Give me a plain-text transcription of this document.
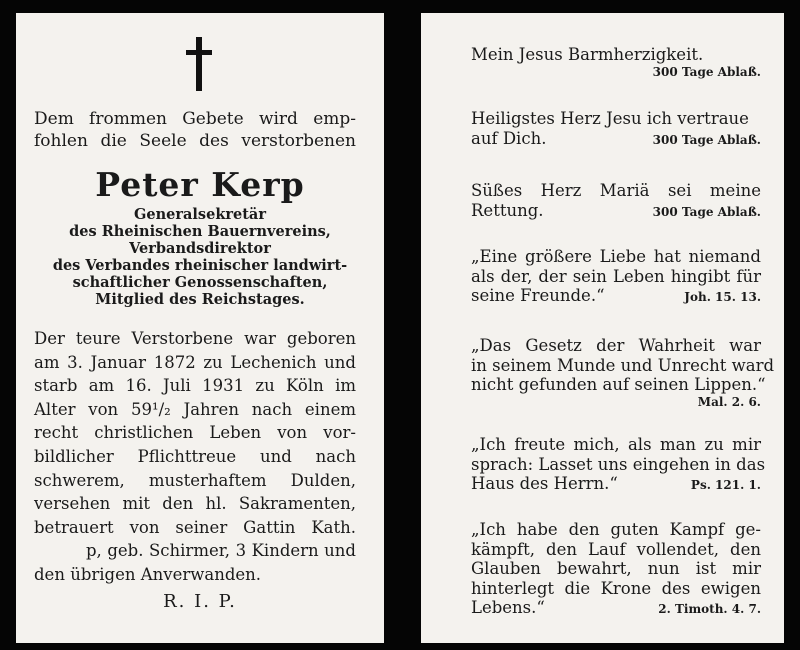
Dem frommen Gebete wird emp-
fohlen die Seele des verstorbenen
Peter Kerp
Generalsekretär
des Rheinischen Bauernvereins,
Verbandsdirektor
des Verbandes rheinischer landwirt-
schaftlicher Genossenschaften,
Mitglied des Reichstages.
Der teure Verstorbene war geboren
am 3. Januar 1872 zu Lechenich und
starb am 16. Juli 1931 zu Köln im
Alter von 59¹/₂ Jahren nach einem
recht christlichen Leben von vor-
bildlicher Pflichttreue und nach
schwerem, musterhaftem Dulden,
versehen mit den hl. Sakramenten,
betrauert von seiner Gattin Kath.
p, geb. Schirmer, 3 Kindern und
den übrigen Anverwanden.
R. I. P.
Mein Jesus Barmherzigkeit.
300 Tage Ablaß.
Heiligstes Herz Jesu ich vertraue
auf Dich.	300 Tage Ablaß.
Süßes Herz Mariä sei meine
Rettung.	300 Tage Ablaß.
„Eine größere Liebe hat niemand
als der, der sein Leben hingibt für
seine Freunde.“	Joh. 15. 13.
„Das Gesetz der Wahrheit war
in seinem Munde und Unrecht ward
nicht gefunden auf seinen Lippen.“
Mal. 2. 6.
„Ich freute mich, als man zu mir
sprach: Lasset uns eingehen in das
Haus des Herrn.“	Ps. 121. 1.
„Ich habe den guten Kampf ge-
kämpft, den Lauf vollendet, den
Glauben bewahrt, nun ist mir
hinterlegt die Krone des ewigen
Lebens.“	2. Timoth. 4. 7.
